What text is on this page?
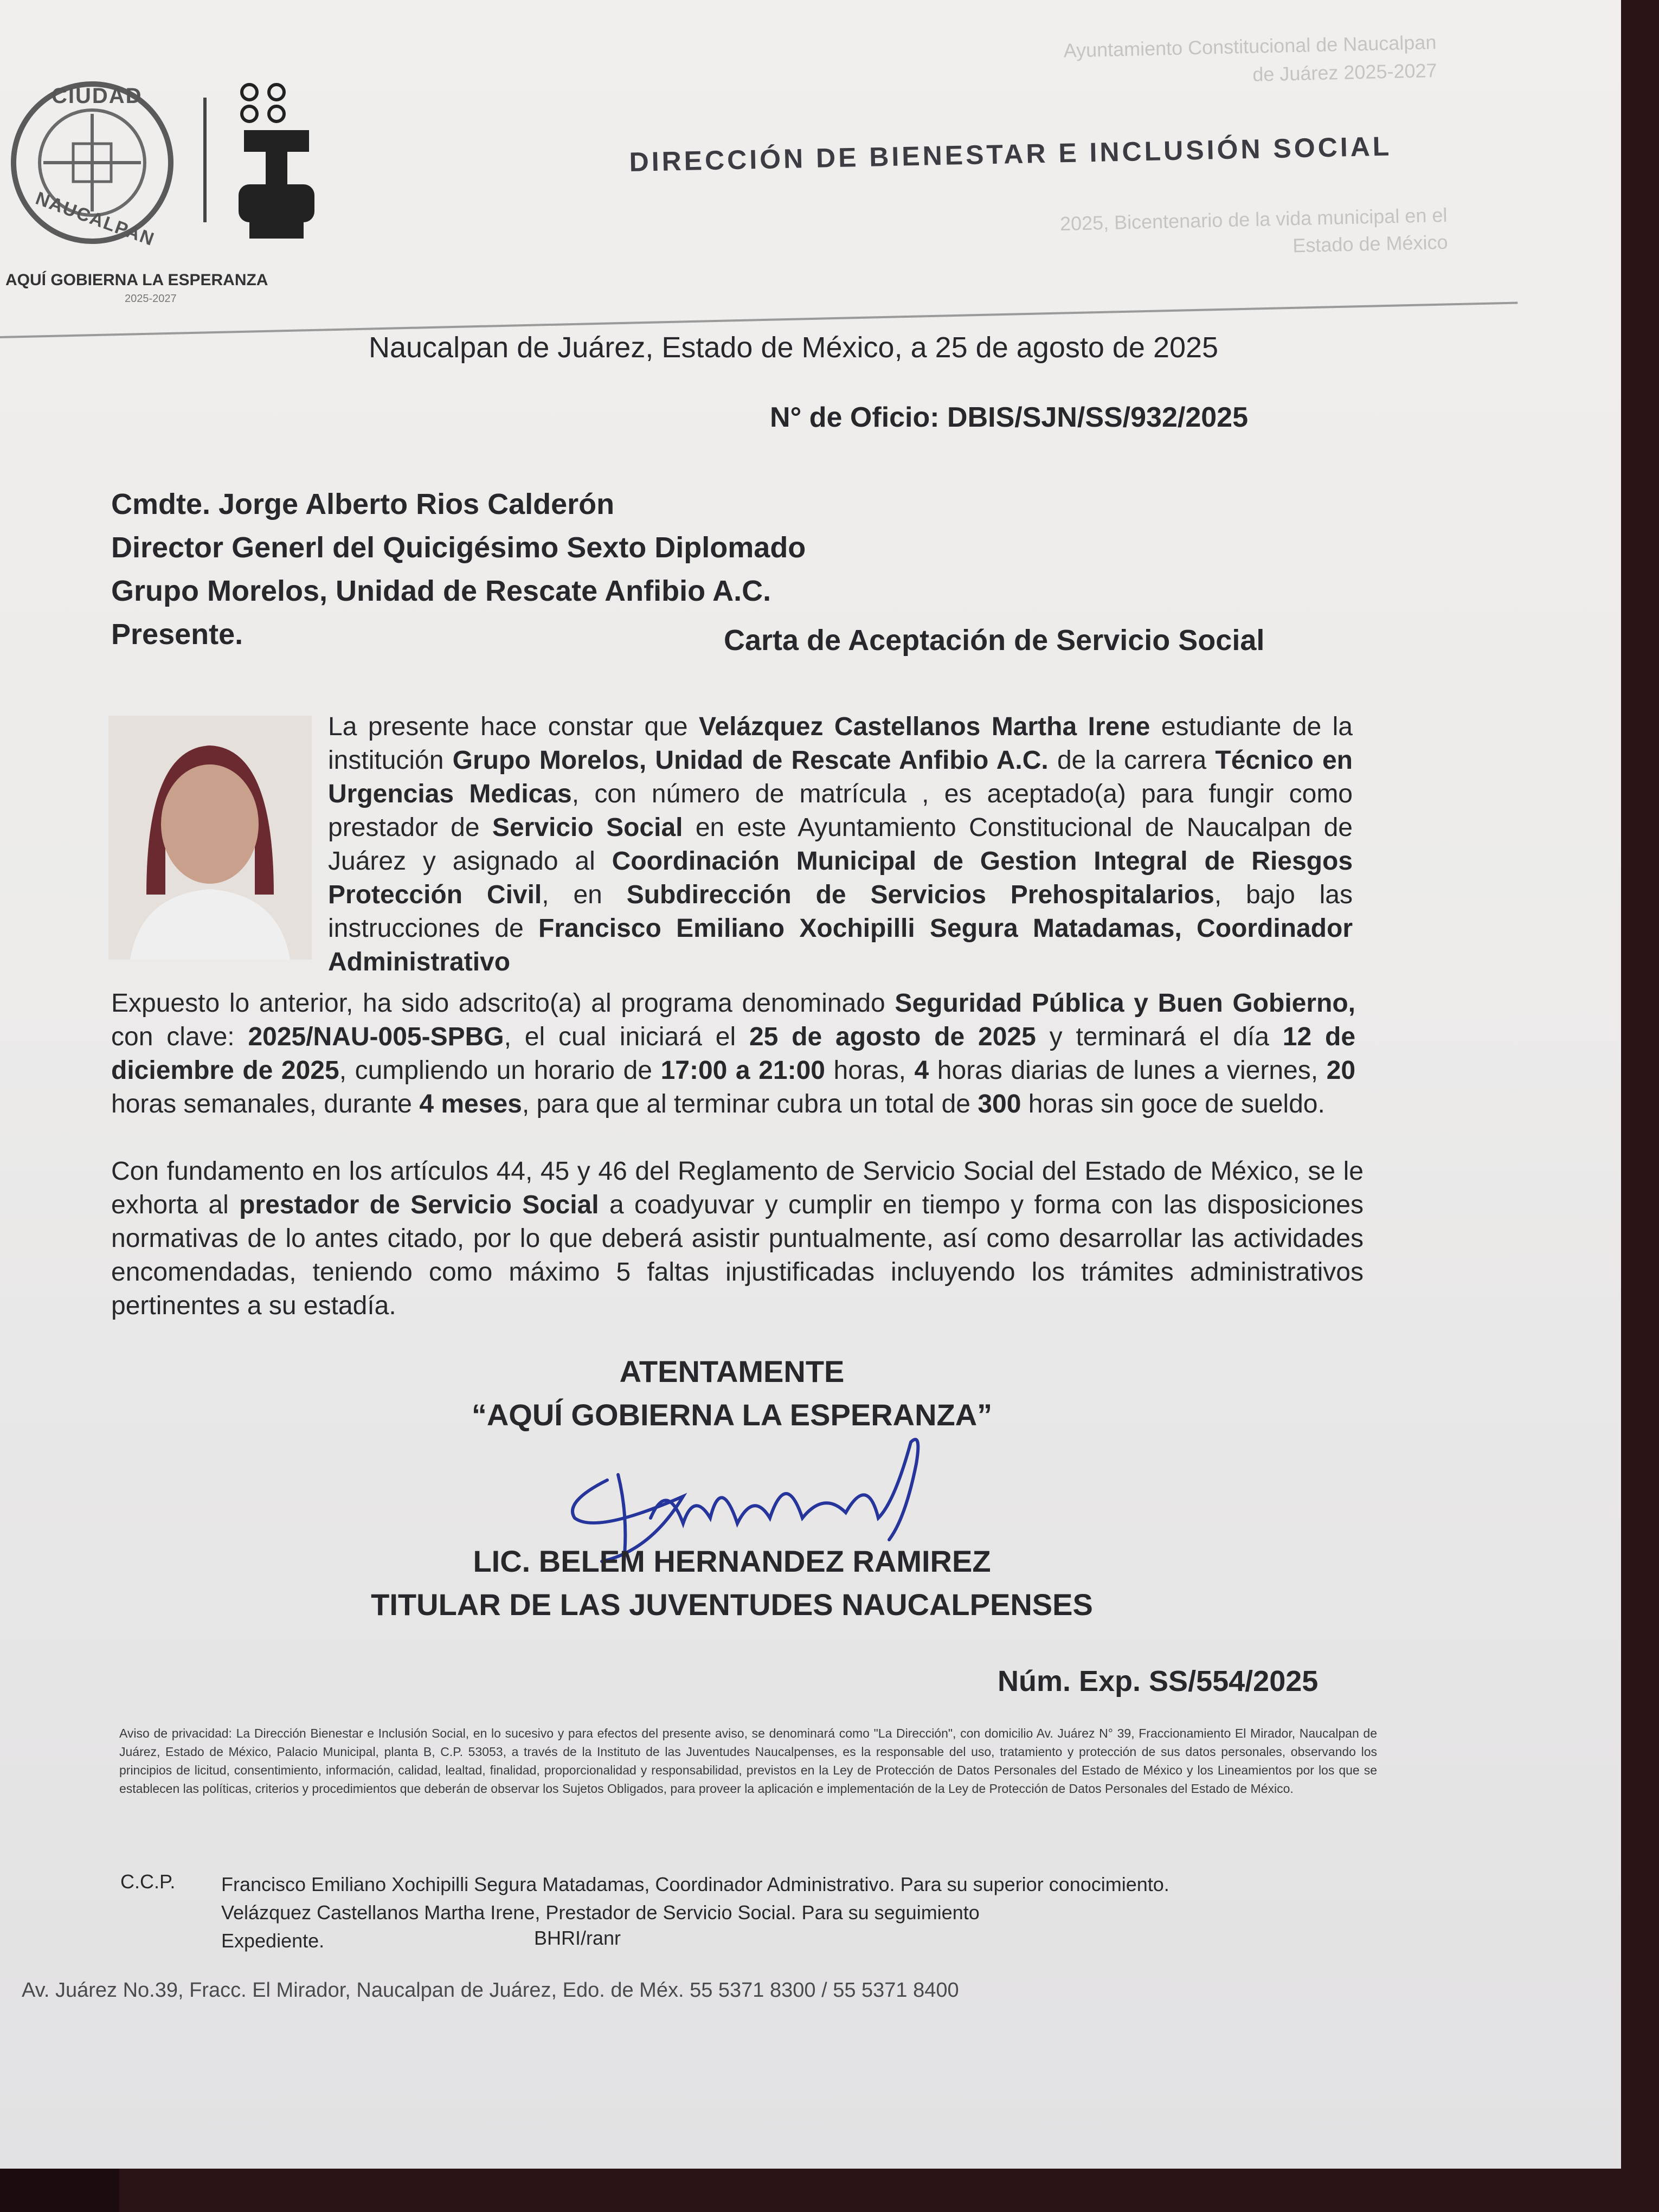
CIUDAD
NAUCALPAN
AQUÍ GOBIERNA LA ESPERANZA
2025-2027
Ayuntamiento Constitucional de Naucalpan de Juárez 2025-2027
DIRECCIÓN DE BIENESTAR E INCLUSIÓN SOCIAL
2025, Bicentenario de la vida municipal en el Estado de México
Naucalpan de Juárez, Estado de México, a 25 de agosto de 2025
N° de Oficio: DBIS/SJN/SS/932/2025
Cmdte. Jorge Alberto Rios Calderón
Director Generl del Quicigésimo Sexto Diplomado
Grupo Morelos, Unidad de Rescate Anfibio A.C.
Presente.	Carta de Aceptación de Servicio Social
La presente hace constar que Velázquez Castellanos Martha Irene estudiante de la institución Grupo Morelos, Unidad de Rescate Anfibio A.C. de la carrera Técnico en Urgencias Medicas, con número de matrícula , es aceptado(a) para fungir como prestador de Servicio Social en este Ayuntamiento Constitucional de Naucalpan de Juárez y asignado al Coordinación Municipal de Gestion Integral de Riesgos Protección Civil, en Subdirección de Servicios Prehospitalarios, bajo las instrucciones de Francisco Emiliano Xochipilli Segura Matadamas, Coordinador Administrativo
Expuesto lo anterior, ha sido adscrito(a) al programa denominado Seguridad Pública y Buen Gobierno, con clave: 2025/NAU-005-SPBG, el cual iniciará el 25 de agosto de 2025 y terminará el día 12 de diciembre de 2025, cumpliendo un horario de 17:00 a 21:00 horas, 4 horas diarias de lunes a viernes, 20 horas semanales, durante 4 meses, para que al terminar cubra un total de 300 horas sin goce de sueldo.
Con fundamento en los artículos 44, 45 y 46 del Reglamento de Servicio Social del Estado de México, se le exhorta al prestador de Servicio Social a coadyuvar y cumplir en tiempo y forma con las disposiciones normativas de lo antes citado, por lo que deberá asistir puntualmente, así como desarrollar las actividades encomendadas, teniendo como máximo 5 faltas injustificadas incluyendo los trámites administrativos pertinentes a su estadía.
ATENTAMENTE
“AQUÍ GOBIERNA LA ESPERANZA”
LIC. BELEM HERNANDEZ RAMIREZ
TITULAR DE LAS JUVENTUDES NAUCALPENSES
Núm. Exp. SS/554/2025
Aviso de privacidad: La Dirección Bienestar e Inclusión Social, en lo sucesivo y para efectos del presente aviso, se denominará como "La Dirección", con domicilio Av. Juárez N° 39, Fraccionamiento El Mirador, Naucalpan de Juárez, Estado de México, Palacio Municipal, planta B, C.P. 53053, a través de la Instituto de las Juventudes Naucalpenses, es la responsable del uso, tratamiento y protección de sus datos personales, observando los principios de licitud, consentimiento, información, calidad, lealtad, finalidad, proporcionalidad y responsabilidad, previstos en la Ley de Protección de Datos Personales del Estado de México y los Lineamientos por los que se establecen las políticas, criterios y procedimientos que deberán de observar los Sujetos Obligados, para proveer la aplicación e implementación de la Ley de Protección de Datos Personales del Estado de México.
C.C.P. Francisco Emiliano Xochipilli Segura Matadamas, Coordinador Administrativo. Para su superior conocimiento.
Velázquez Castellanos Martha Irene, Prestador de Servicio Social. Para su seguimiento
Expediente.	BHRI/ranr
Av. Juárez No.39, Fracc. El Mirador, Naucalpan de Juárez, Edo. de Méx. 55 5371 8300 / 55 5371 8400
